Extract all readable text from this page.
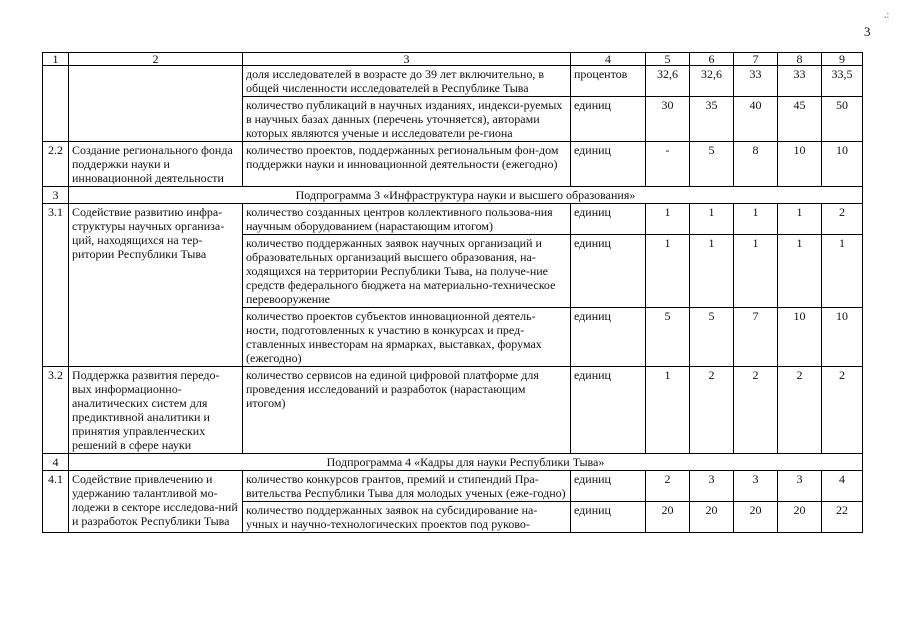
3
.:
1	2	3	4	5	6	7	8	9
		доля исследователей в возрасте до 39 лет включительно, в общей численности исследователей в Республике Тыва	процентов	32,6	32,6	33	33	33,5
		количество публикаций в научных изданиях, индекси-руемых в научных базах данных (перечень уточняется), авторами которых являются ученые и исследователи ре-гиона	единиц	30	35	40	45	50
2.2	Создание регионального фонда поддержки науки и инновационной деятельности	количество проектов, поддержанных региональным фон-дом поддержки науки и инновационной деятельности (ежегодно)	единиц	-	5	8	10	10
3	Подпрограмма 3 «Инфраструктура науки и высшего образования»							
3.1	Содействие развитию инфра-структуры научных организа-ций, находящихся на тер-ритории Республики Тыва	количество созданных центров коллективного пользова-ния научным оборудованием (нарастающим итогом)	единиц	1	1	1	1	2
		количество поддержанных заявок научных организаций и образовательных организаций высшего образования, на-ходящихся на территории Республики Тыва, на получе-ние средств федерального бюджета на материально-техническое перевооружение	единиц	1	1	1	1	1
		количество проектов субъектов инновационной деятель-ности, подготовленных к участию в конкурсах и пред-ставленных инвесторам на ярмарках, выставках, форумах (ежегодно)	единиц	5	5	7	10	10
3.2	Поддержка развития передо-вых информационно-аналитических систем для предиктивной аналитики и принятия управленческих решений в сфере науки	количество сервисов на единой цифровой платформе для проведения исследований и разработок (нарастающим итогом)	единиц	1	2	2	2	2
4	Подпрограмма 4 «Кадры для науки Республики Тыва»							
4.1	Содействие привлечению и удержанию талантливой мо-лодежи в секторе исследова-ний и разработок Республики Тыва	количество конкурсов грантов, премий и стипендий Пра-вительства Республики Тыва для молодых ученых (еже-годно)	единиц	2	3	3	3	4
		количество поддержанных заявок на субсидирование на-учных и научно-технологических проектов под руково-	единиц	20	20	20	20	22
